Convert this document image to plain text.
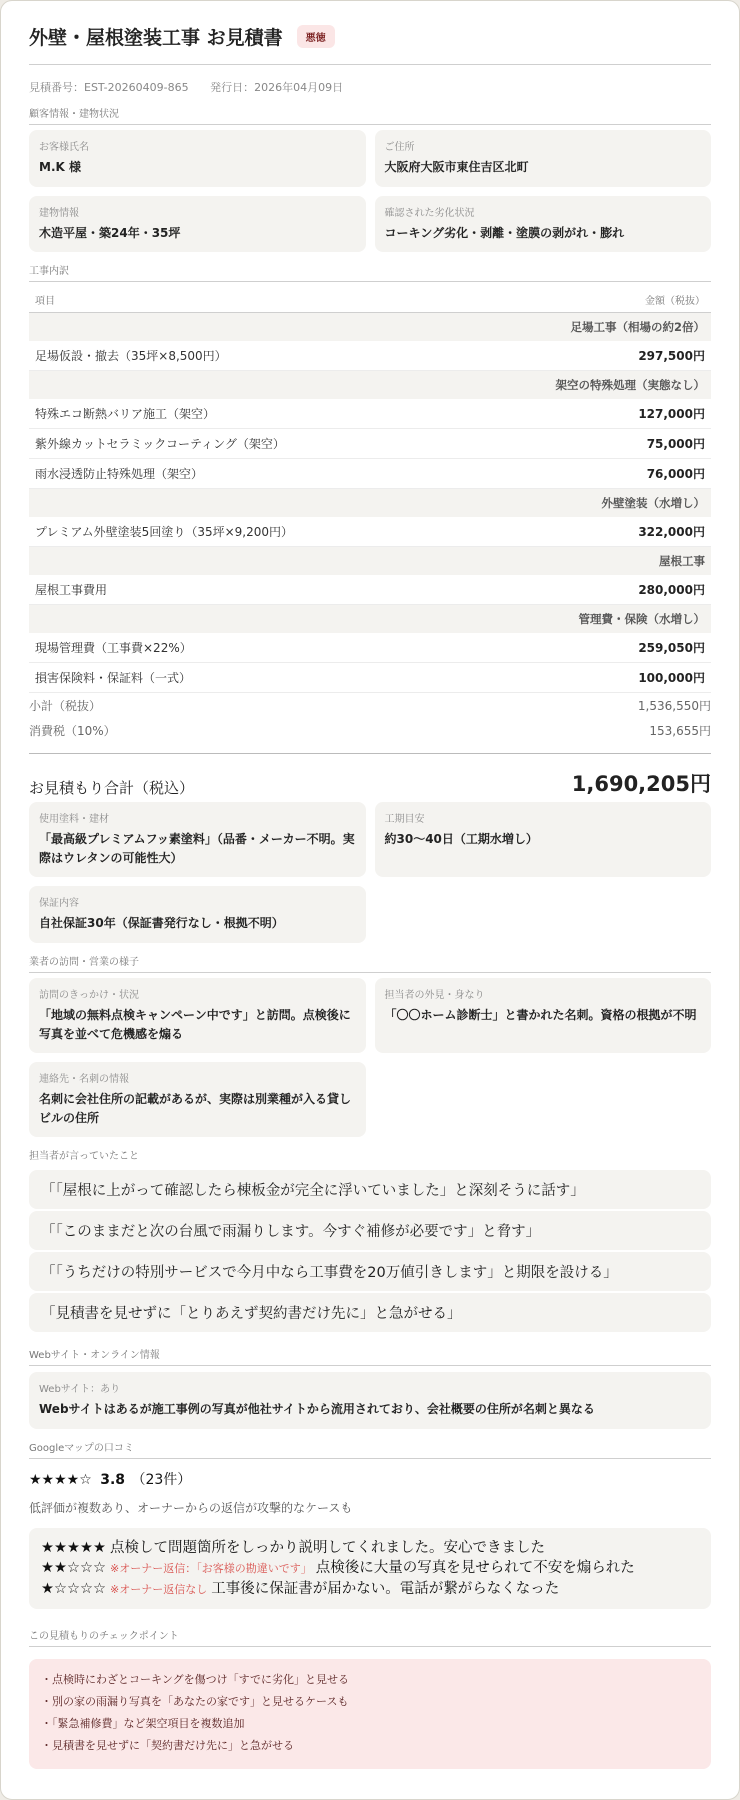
外壁・屋根塗装工事 お見積書	悪徳
見積番号：EST-20260409-865 発行日：2026年04月09日
顧客情報・建物状況
お客様氏名
M.K 様
ご住所
大阪府大阪市東住吉区北町
建物情報
木造平屋・築24年・35坪
確認された劣化状況
コーキング劣化・剥離・塗膜の剥がれ・膨れ
工事内訳
項目	金額（税抜）
足場工事（相場の約2倍）	
足場仮設・撤去（35坪×8,500円）	297,500円
架空の特殊処理（実態なし）	
特殊エコ断熱バリア施工（架空）	127,000円
紫外線カットセラミックコーティング（架空）	75,000円
雨水浸透防止特殊処理（架空）	76,000円
外壁塗装（水増し）	
プレミアム外壁塗装5回塗り（35坪×9,200円）	322,000円
屋根工事	
屋根工事費用	280,000円
管理費・保険（水増し）	
現場管理費（工事費×22%）	259,050円
損害保険料・保証料（一式）	100,000円
小計（税抜）	1,536,550円
消費税（10%）	153,655円
お見積もり合計（税込）	1,690,205円
使用塗料・建材
「最高級プレミアムフッ素塗料」（品番・メーカー不明。実際はウレタンの可能性大）
工期目安
約30〜40日（工期水増し）
保証内容
自社保証30年（保証書発行なし・根拠不明）
業者の訪問・営業の様子
訪問のきっかけ・状況
「地域の無料点検キャンペーン中です」と訪問。点検後に写真を並べて危機感を煽る
担当者の外見・身なり
「〇〇ホーム診断士」と書かれた名刺。資格の根拠が不明
連絡先・名刺の情報
名刺に会社住所の記載があるが、実際は別業種が入る貸しビルの住所
担当者が言っていたこと
「「屋根に上がって確認したら棟板金が完全に浮いていました」と深刻そうに話す」
「「このままだと次の台風で雨漏りします。今すぐ補修が必要です」と脅す」
「「うちだけの特別サービスで今月中なら工事費を20万値引きします」と期限を設ける」
「見積書を見せずに「とりあえず契約書だけ先に」と急がせる」
Webサイト・オンライン情報
Webサイト：あり
Webサイトはあるが施工事例の写真が他社サイトから流用されており、会社概要の住所が名刺と異なる
Googleマップの口コミ
★★★★☆ 3.8 （23件）
低評価が複数あり、オーナーからの返信が攻撃的なケースも
★★★★★ 点検して問題箇所をしっかり説明してくれました。安心できました
★★☆☆☆ ※オーナー返信：「お客様の勘違いです」 点検後に大量の写真を見せられて不安を煽られた
★☆☆☆☆ ※オーナー返信なし 工事後に保証書が届かない。電話が繋がらなくなった
この見積もりのチェックポイント
・点検時にわざとコーキングを傷つけ「すでに劣化」と見せる
・別の家の雨漏り写真を「あなたの家です」と見せるケースも
・「緊急補修費」など架空項目を複数追加
・見積書を見せずに「契約書だけ先に」と急がせる
